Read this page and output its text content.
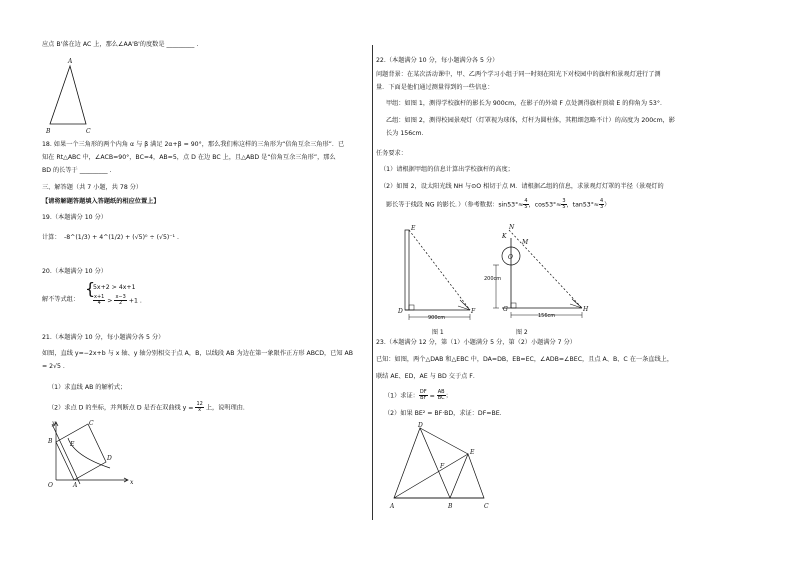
应点 B'落在边 AC 上，那么∠AA'B'的度数是 _________ .
A
B	C
18. 如果一个三角形的两个内角 α 与 β 满足 2α+β = 90°，那么我们称这样的三角形为“倍角互余三角形”．已
知在 Rt△ABC 中，∠ACB=90°，BC=4，AB=5，点 D 在边 BC 上，且△ABD 是“倍角互余三角形”，那么
BD 的长等于 _________ .
三、解答题（共 7 小题，共 78 分）
【请将解题答题填入答题纸的相应位置上】
19.（本题满分 10 分）
计算： -8^(1/3) + 4^(1/2) + (√5)⁰ ÷ (√5)⁻¹ .
20.（本题满分 10 分）
解不等式组：
{
5x+2 > 4x+1
$\frac{x+1}{4} > \frac{x-3}{2} +1$ .
21.（本题满分 10 分，每小题满分各 5 分）
如图，直线 y=−2x+b 与 x 轴、y 轴分别相交于点 A，B，以线段 AB 为边在第一象限作正方形 ABCD，已知 AB
= 2√5 .
（1）求直线 AB 的解析式；
（2）求点 D 的坐标，并判断点 D 是否在双曲线 $y = \frac{12}{x}$ 上，说明理由．
y
x
O	A
B
C
D
E
22.（本题满分 10 分，每小题满分各 5 分）
问题背景：在某次活动课中，甲、乙两个学习小组于同一时刻在阳光下对校园中的旗杆和景观灯进行了测
量．下面是他们通过测量得到的一些信息：
甲组：如图 1，测得学校旗杆的影长为 900cm，在影子的外端 F 点处测得旗杆顶端 E 的仰角为 53°．
乙组：如图 2，测得校园景观灯（灯罩视为球体，灯杆为圆柱体，其粗细忽略不计）的高度为 200cm，影
长为 156cm．
任务要求：
（1）请根据甲组的信息计算出学校旗杆的高度；
（2）如图 2，设太阳光线 NH 与⊙O 相切于点 M．请根据乙组的信息，求景观灯灯罩的半径（景观灯的
影长等于线段 NG 的影长．）（参考数据：$\sin 53^\circ\approx \frac{4}{5}$ ，$\cos 53^\circ\approx \frac{3}{5}$ ，$\tan 53^\circ\approx \frac{4}{3}$ ）
E
D	F
900cm
图 1
N
K
M
O
G	H
200cm
156cm
图 2
23.（本题满分 12 分，第（1）小题满分 5 分，第（2）小题满分 7 分）
已知：如图，两个△DAB 和△EBC 中，DA=DB，EB=EC，∠ADB=∠BEC，且点 A、B、C 在一条直线上，
联结 AE、ED，AE 与 BD 交于点 F．
（1）求证： $\frac{DF}{BF} = \frac{AB}{BC}$ ；
（2）如果 BE² = BF·BD，求证：DF=BE．
A	B	C
D
E
F
